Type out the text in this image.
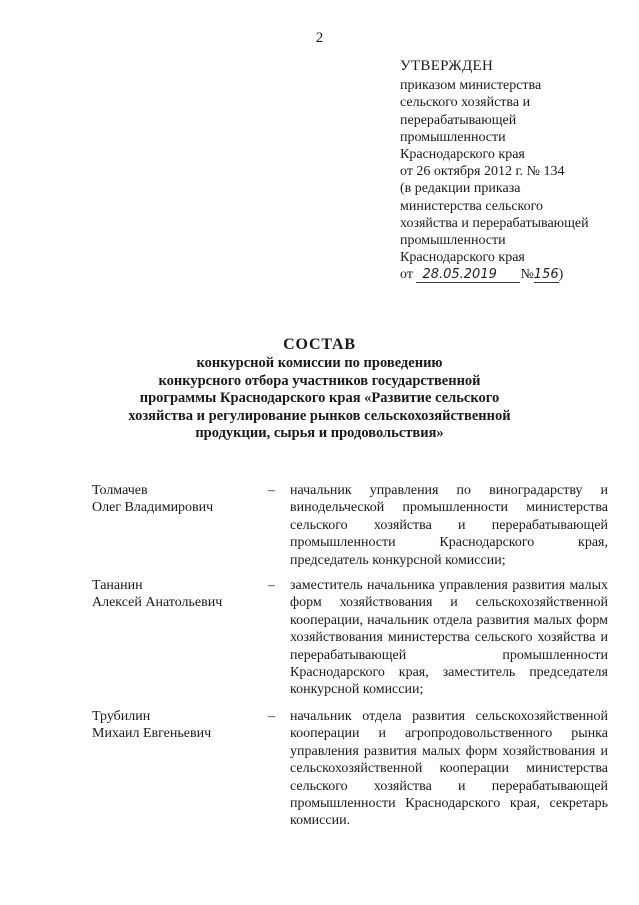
2
УТВЕРЖДЕН
приказом министерства
сельского хозяйства и
перерабатывающей
промышленности
Краснодарского края
от 26 октября 2012 г. № 134
(в редакции приказа
министерства сельского
хозяйства и перерабатывающей
промышленности
Краснодарского края
от 28.05.2019 №156)
СОСТАВ
конкурсной комиссии по проведению
конкурсного отбора участников государственной
программы Краснодарского края «Развитие сельского
хозяйства и регулирование рынков сельскохозяйственной
продукции, сырья и продовольствия»
Толмачев
Олег Владимирович
– начальник управления по виноградарству и винодельческой промышленности министерства сельского хозяйства и перерабатывающей промышленности Краснодарского края, председатель конкурсной комиссии;
Тананин
Алексей Анатольевич
– заместитель начальника управления развития малых форм хозяйствования и сельскохозяйственной кооперации, начальник отдела развития малых форм хозяйствования министерства сельского хозяйства и перерабатывающей промышленности Краснодарского края, заместитель председателя конкурсной комиссии;
Трубилин
Михаил Евгеньевич
– начальник отдела развития сельскохозяйственной кооперации и агропродовольственного рынка управления развития малых форм хозяйствования и сельскохозяйственной кооперации министерства сельского хозяйства и перерабатывающей промышленности Краснодарского края, секретарь комиссии.
